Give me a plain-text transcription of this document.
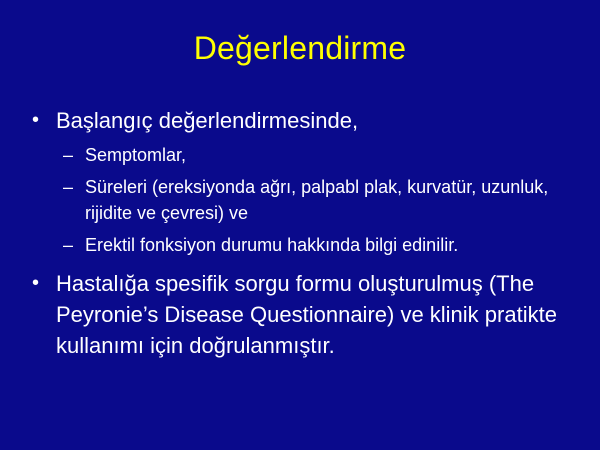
Değerlendirme
• Başlangıç değerlendirmesinde,
– Semptomlar,
– Süreleri (ereksiyonda ağrı, palpabl plak, kurvatür, uzunluk, rijidite ve çevresi) ve
– Erektil fonksiyon durumu hakkında bilgi edinilir.
• Hastalığa spesifik sorgu formu oluşturulmuş (The Peyronie’s Disease Questionnaire) ve klinik pratikte kullanımı için doğrulanmıştır.
